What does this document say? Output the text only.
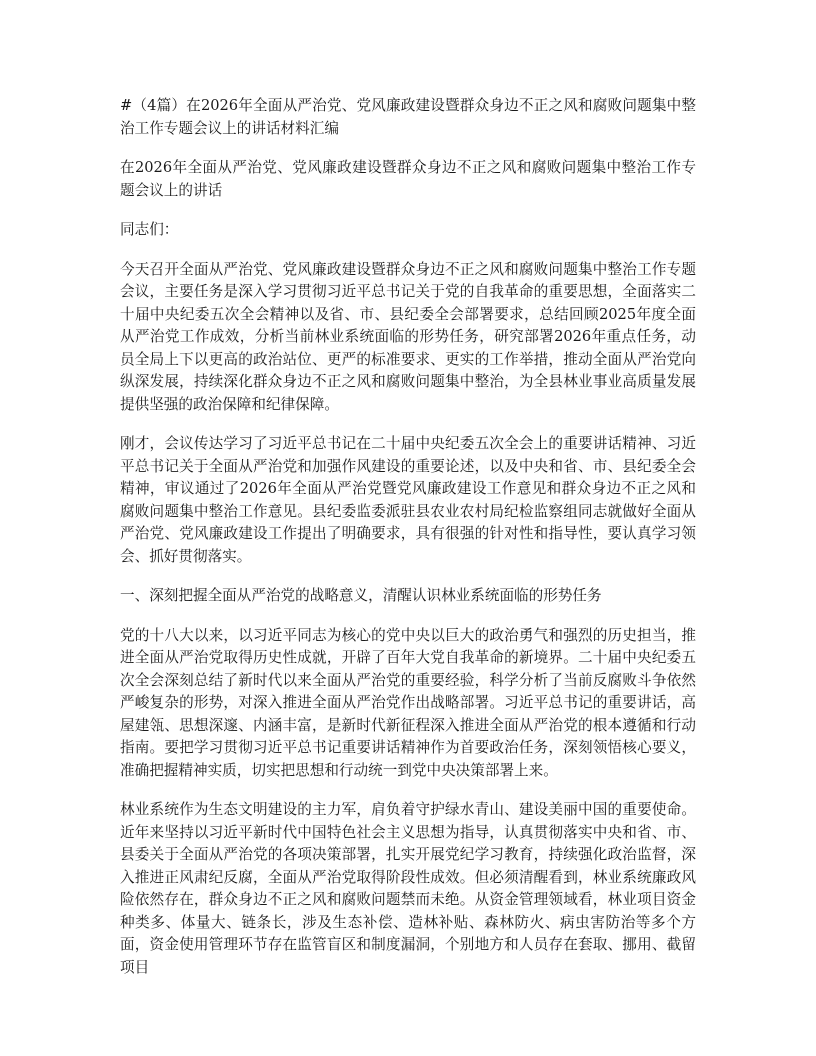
#（4篇）在2026年全面从严治党、党风廉政建设暨群众身边不正之风和腐败问题集中整治工作专题会议上的讲话材料汇编

在2026年全面从严治党、党风廉政建设暨群众身边不正之风和腐败问题集中整治工作专题会议上的讲话

同志们：

今天召开全面从严治党、党风廉政建设暨群众身边不正之风和腐败问题集中整治工作专题会议，主要任务是深入学习贯彻习近平总书记关于党的自我革命的重要思想，全面落实二十届中央纪委五次全会精神以及省、市、县纪委全会部署要求，总结回顾2025年度全面从严治党工作成效，分析当前林业系统面临的形势任务，研究部署2026年重点任务，动员全局上下以更高的政治站位、更严的标准要求、更实的工作举措，推动全面从严治党向纵深发展，持续深化群众身边不正之风和腐败问题集中整治，为全县林业事业高质量发展提供坚强的政治保障和纪律保障。

刚才，会议传达学习了习近平总书记在二十届中央纪委五次全会上的重要讲话精神、习近平总书记关于全面从严治党和加强作风建设的重要论述，以及中央和省、市、县纪委全会精神，审议通过了2026年全面从严治党暨党风廉政建设工作意见和群众身边不正之风和腐败问题集中整治工作意见。县纪委监委派驻县农业农村局纪检监察组同志就做好全面从严治党、党风廉政建设工作提出了明确要求，具有很强的针对性和指导性，要认真学习领会、抓好贯彻落实。

一、深刻把握全面从严治党的战略意义，清醒认识林业系统面临的形势任务

党的十八大以来，以习近平同志为核心的党中央以巨大的政治勇气和强烈的历史担当，推进全面从严治党取得历史性成就，开辟了百年大党自我革命的新境界。二十届中央纪委五次全会深刻总结了新时代以来全面从严治党的重要经验，科学分析了当前反腐败斗争依然严峻复杂的形势，对深入推进全面从严治党作出战略部署。习近平总书记的重要讲话，高屋建瓴、思想深邃、内涵丰富，是新时代新征程深入推进全面从严治党的根本遵循和行动指南。要把学习贯彻习近平总书记重要讲话精神作为首要政治任务，深刻领悟核心要义，准确把握精神实质，切实把思想和行动统一到党中央决策部署上来。

林业系统作为生态文明建设的主力军，肩负着守护绿水青山、建设美丽中国的重要使命。近年来坚持以习近平新时代中国特色社会主义思想为指导，认真贯彻落实中央和省、市、县委关于全面从严治党的各项决策部署，扎实开展党纪学习教育，持续强化政治监督，深入推进正风肃纪反腐，全面从严治党取得阶段性成效。但必须清醒看到，林业系统廉政风险依然存在，群众身边不正之风和腐败问题禁而未绝。从资金管理领域看，林业项目资金种类多、体量大、链条长，涉及生态补偿、造林补贴、森林防火、病虫害防治等多个方面，资金使用管理环节存在监管盲区和制度漏洞，个别地方和人员存在套取、挪用、截留项目
